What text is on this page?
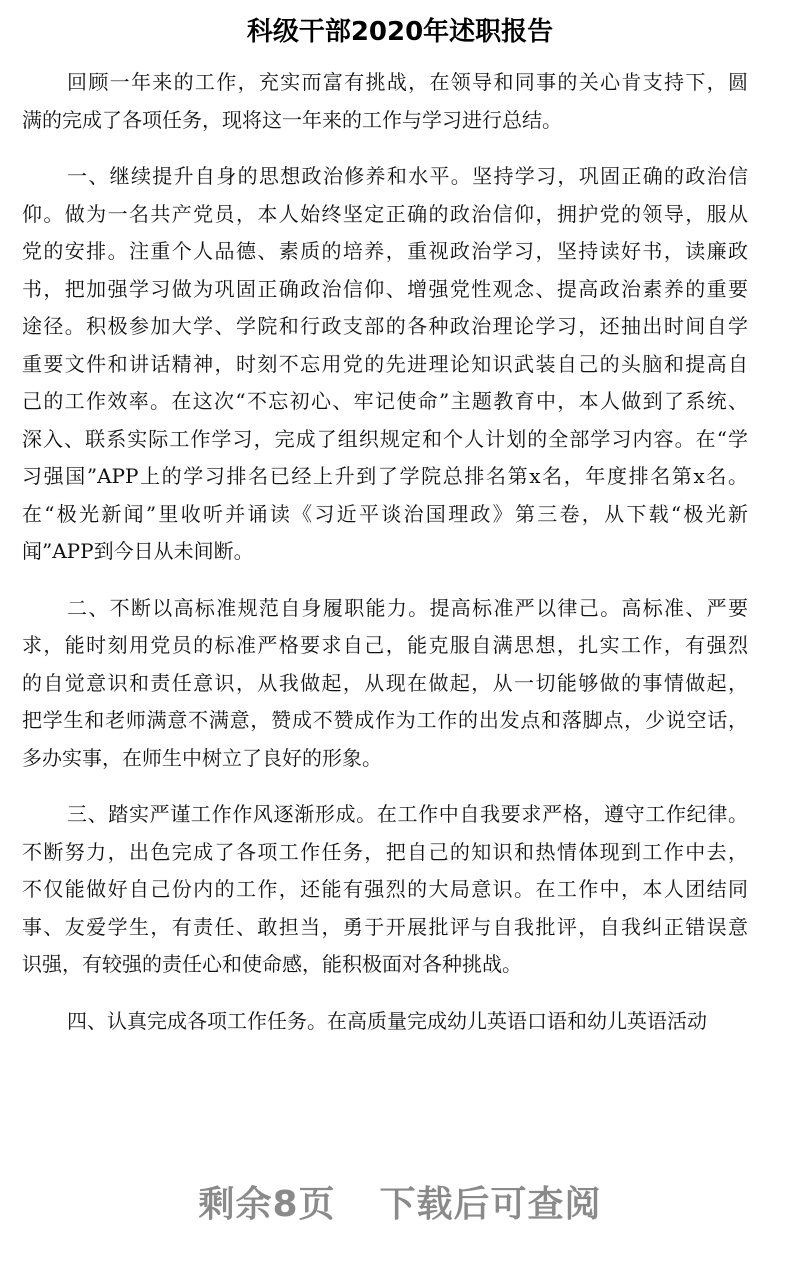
科级干部2020年述职报告
回顾一年来的工作，充实而富有挑战，在领导和同事的关心肯支持下，圆
满的完成了各项任务，现将这一年来的工作与学习进行总结。
一、继续提升自身的思想政治修养和水平。坚持学习，巩固正确的政治信
仰。做为一名共产党员，本人始终坚定正确的政治信仰，拥护党的领导，服从
党的安排。注重个人品德、素质的培养，重视政治学习，坚持读好书，读廉政
书，把加强学习做为巩固正确政治信仰、增强党性观念、提高政治素养的重要
途径。积极参加大学、学院和行政支部的各种政治理论学习，还抽出时间自学
重要文件和讲话精神，时刻不忘用党的先进理论知识武装自己的头脑和提高自
己的工作效率。在这次“不忘初心、牢记使命”主题教育中，本人做到了系统、
深入、联系实际工作学习，完成了组织规定和个人计划的全部学习内容。在“学
习强国”APP上的学习排名已经上升到了学院总排名第x名，年度排名第x名。
在“极光新闻”里收听并诵读《习近平谈治国理政》第三卷，从下载“极光新
闻”APP到今日从未间断。
二、不断以高标准规范自身履职能力。提高标准严以律己。高标准、严要
求，能时刻用党员的标准严格要求自己，能克服自满思想，扎实工作，有强烈
的自觉意识和责任意识，从我做起，从现在做起，从一切能够做的事情做起，
把学生和老师满意不满意，赞成不赞成作为工作的出发点和落脚点，少说空话，
多办实事，在师生中树立了良好的形象。
三、踏实严谨工作作风逐渐形成。在工作中自我要求严格，遵守工作纪律。
不断努力，出色完成了各项工作任务，把自己的知识和热情体现到工作中去，
不仅能做好自己份内的工作，还能有强烈的大局意识。在工作中，本人团结同
事、友爱学生，有责任、敢担当，勇于开展批评与自我批评，自我纠正错误意
识强，有较强的责任心和使命感，能积极面对各种挑战。
四、认真完成各项工作任务。在高质量完成幼儿英语口语和幼儿英语活动
剩余8页 下载后可查阅
